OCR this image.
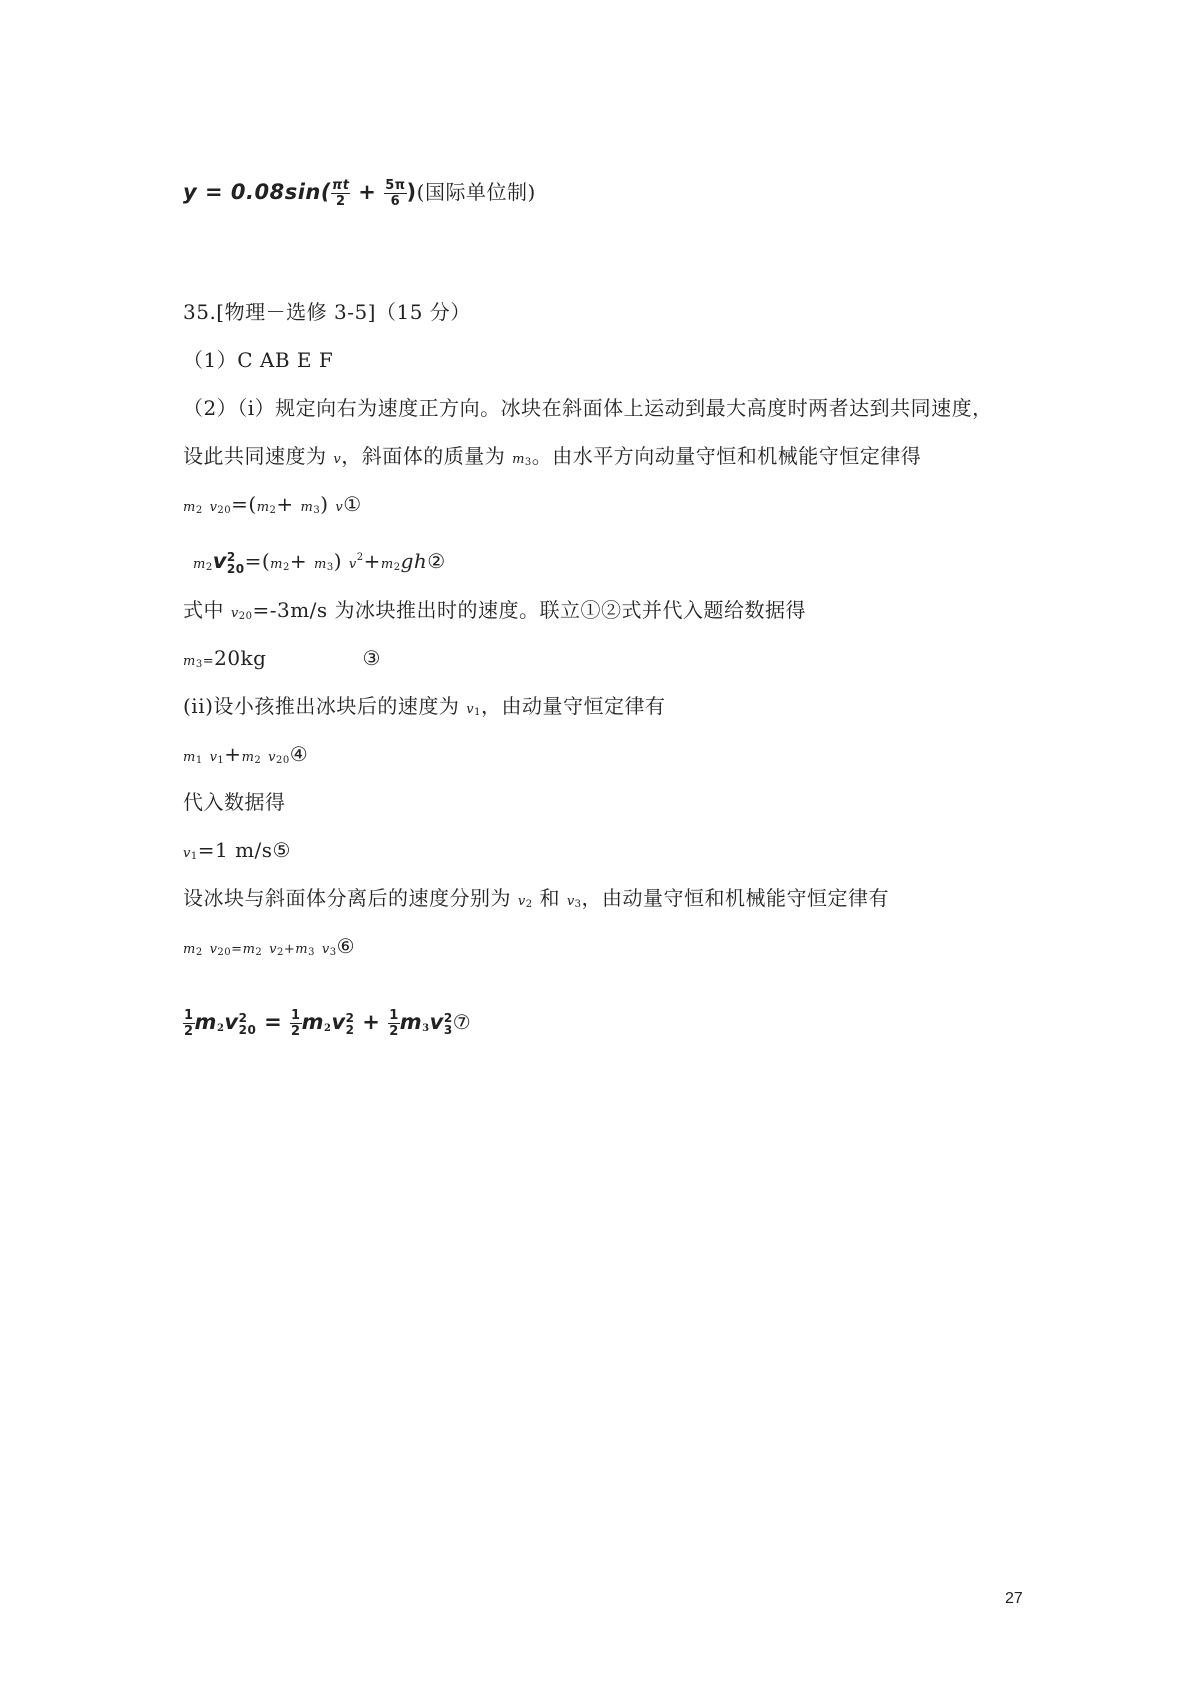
$y = 0.08\sin( \frac{\pi t}{2} + \frac{5\pi}{6}$ )(国际单位制)
35.[物理－选修 3-5]（15 分）
（1）C AB E F
（2）（i）规定向右为速度正方向。冰块在斜面体上运动到最大高度时两者达到共同速度，
设此共同速度为 v，斜面体的质量为 $m_3$。由水平方向动量守恒和机械能守恒定律得
$m_2$ $v_{20}=(m_2+ m_3)$ v①
$m_2v$ 2
$20 =(m_2+ m_3)$ $v^2+m_2gh②$
式中 $v_{20}=-3m/s$ 为冰块推出时的速度。联立①②式并代入题给数据得
$m_3=20kg$	③
(ii)设小孩推出冰块后的速度为 $v_1$，由动量守恒定律有
$m_1$ $v_1+m_2$ $v_{20}④$
代入数据得
$v_1=1$ m/s⑤
设冰块与斜面体分离后的速度分别为 $v_2$ 和 $v_3$，由动量守恒和机械能守恒定律有
$m_2$ $v_{20}=m_2$ $v_2+m_3$ $v_3⑥$
$\frac{1}{2} m_2v$ 2
$20 = \frac{1}{2} m_2v$ 2
$2 + \frac{1}{2} m_3v$ 2
3 ⑦
27
